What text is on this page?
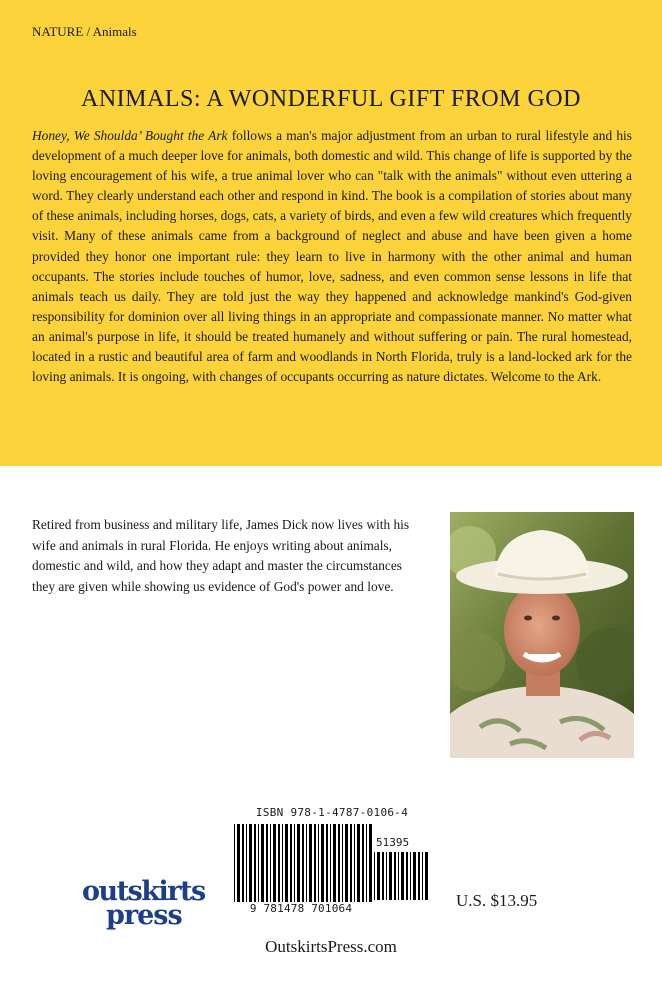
NATURE / Animals
ANIMALS: A WONDERFUL GIFT FROM GOD
Honey, We Shoulda’ Bought the Ark follows a man's major adjustment from an urban to rural lifestyle and his development of a much deeper love for animals, both domestic and wild. This change of life is supported by the loving encouragement of his wife, a true animal lover who can "talk with the animals" without even uttering a word. They clearly understand each other and respond in kind. The book is a compilation of stories about many of these animals, including horses, dogs, cats, a variety of birds, and even a few wild creatures which frequently visit. Many of these animals came from a background of neglect and abuse and have been given a home provided they honor one important rule: they learn to live in harmony with the other animal and human occupants. The stories include touches of humor, love, sadness, and even common sense lessons in life that animals teach us daily. They are told just the way they happened and acknowledge mankind's God-given responsibility for dominion over all living things in an appropriate and compassionate manner. No matter what an animal's purpose in life, it should be treated humanely and without suffering or pain. The rural homestead, located in a rustic and beautiful area of farm and woodlands in North Florida, truly is a land-locked ark for the loving animals. It is ongoing, with changes of occupants occurring as nature dictates. Welcome to the Ark.
Retired from business and military life, James Dick now lives with his wife and animals in rural Florida. He enjoys writing about animals, domestic and wild, and how they adapt and master the circumstances they are given while showing us evidence of God's power and love.
ISBN 978-1-4787-0106-4
51395
9 781478 701064
outskirts
press	U.S. $13.95
OutskirtsPress.com
